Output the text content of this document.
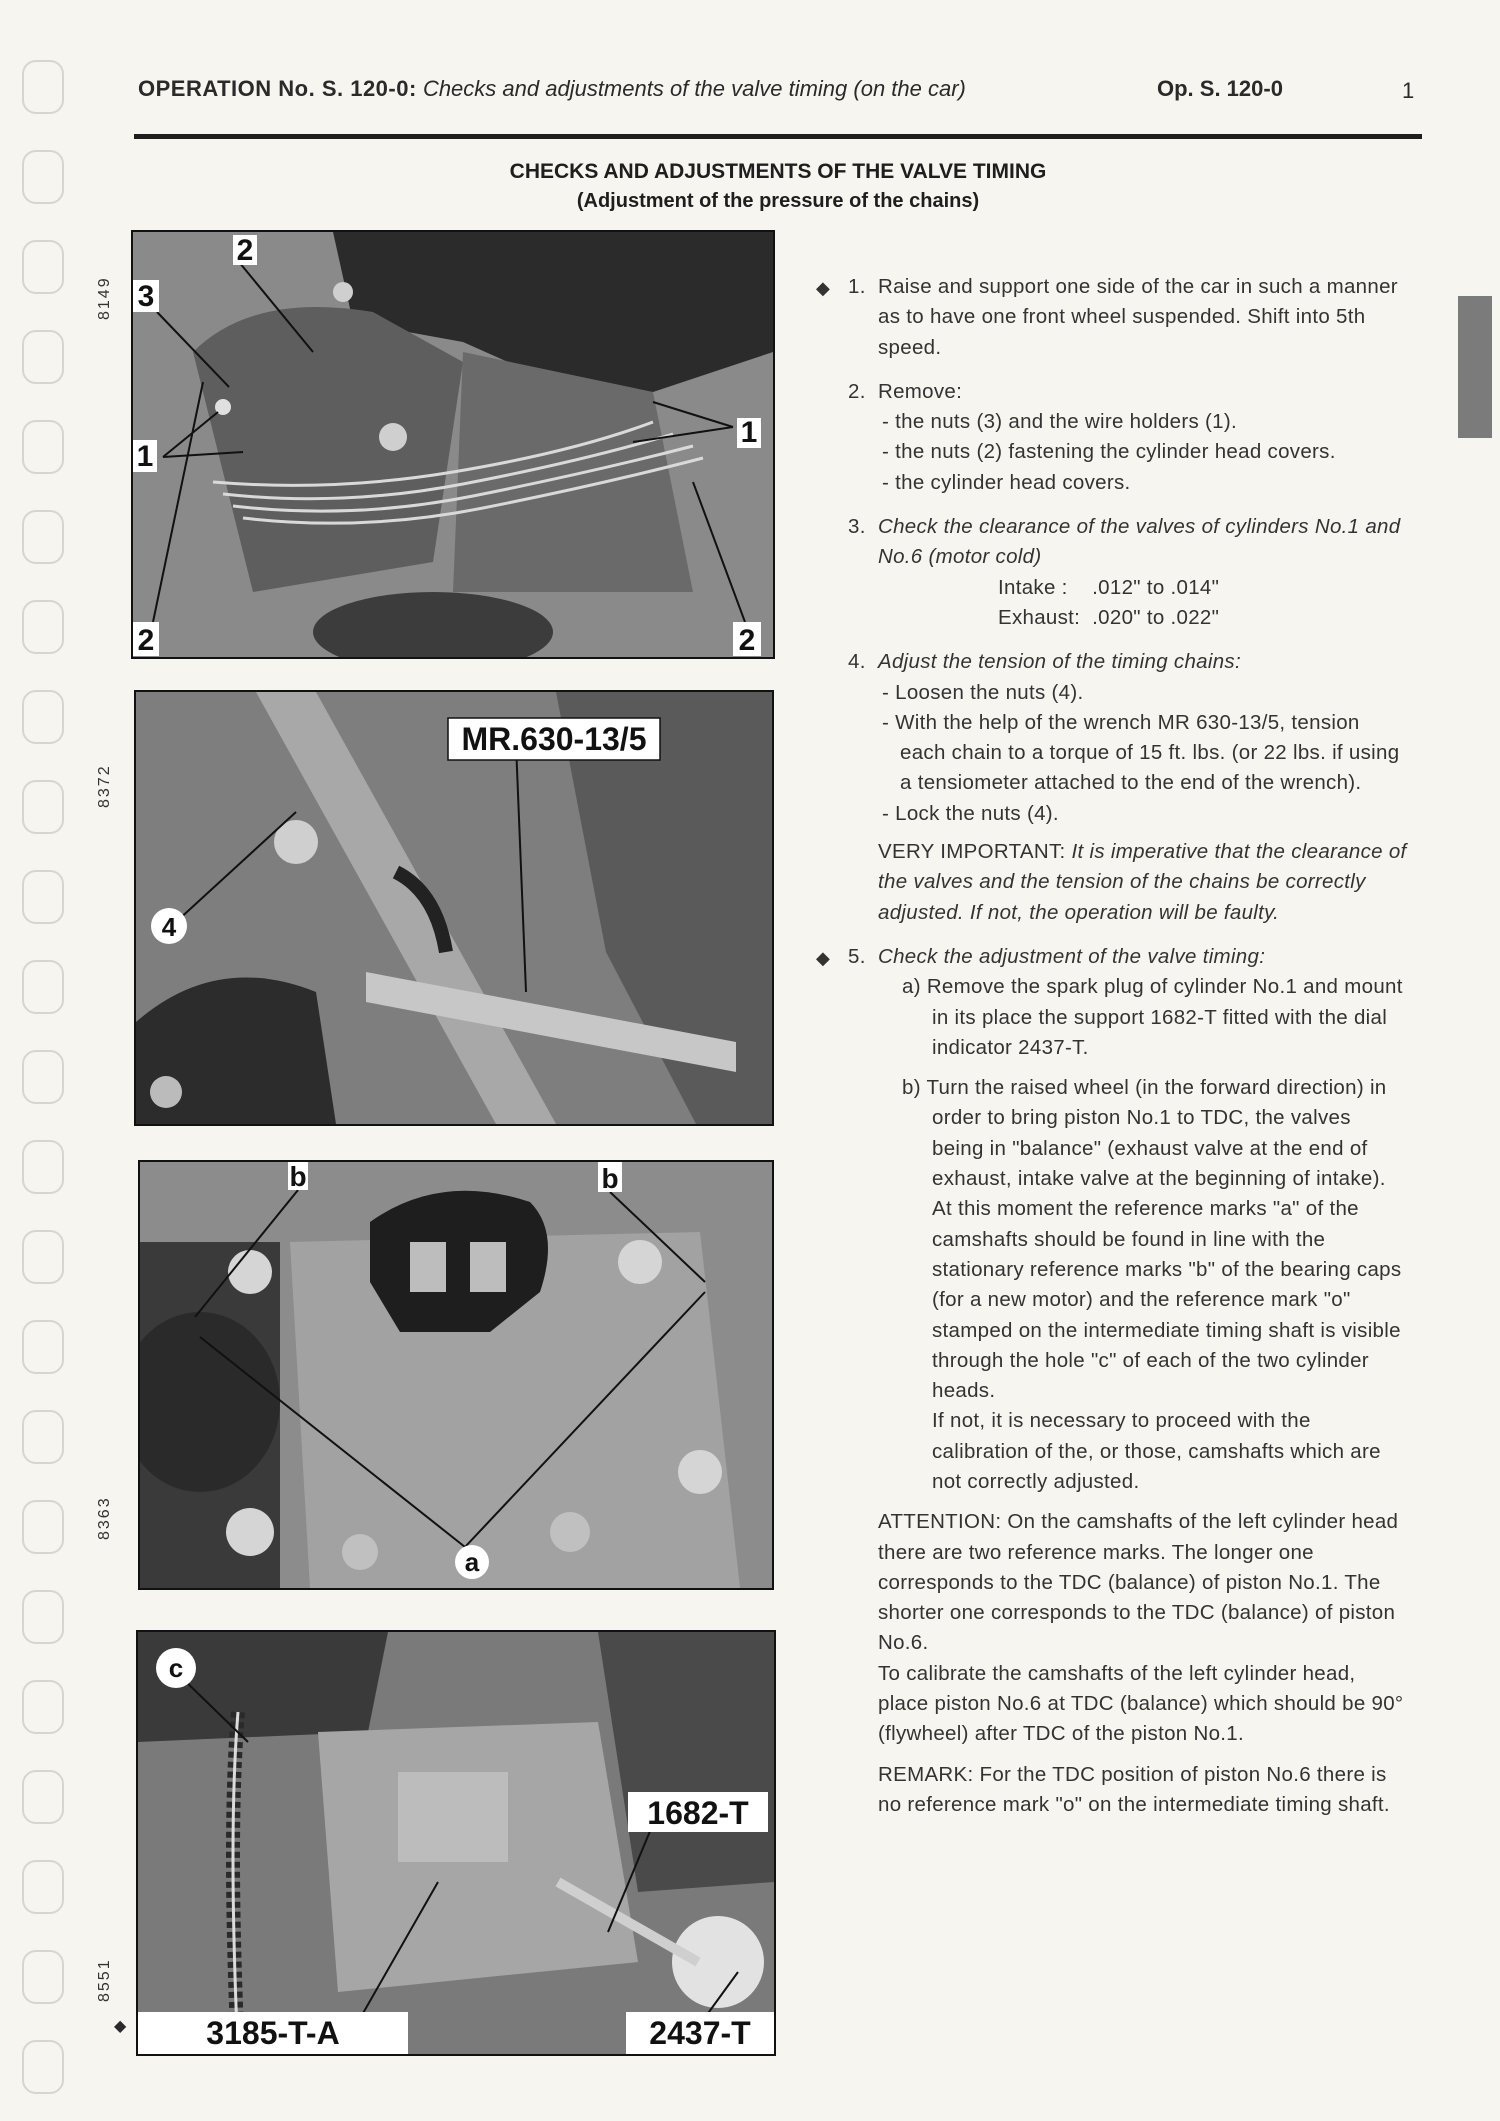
OPERATION No. S. 120-0: Checks and adjustments of the valve timing (on the car)	Op. S. 120-0	1
CHECKS AND ADJUSTMENTS OF THE VALVE TIMING
(Adjustment of the pressure of the chains)
8149
2
3
1
1
2	2
8372
MR.630-13/5
4
8363
b	b
a
8551
◆
c
1682-T
3185-T-A	2437-T
◆ 1. Raise and support one side of the car in such a manner as to have one front wheel suspended. Shift into 5th speed.
2. Remove:
- the nuts (3) and the wire holders (1).
- the nuts (2) fastening the cylinder head covers.
- the cylinder head covers.
3. Check the clearance of the valves of cylinders No.1 and No.6 (motor cold)
Intake :	.012" to .014"
Exhaust:	.020" to .022"
4. Adjust the tension of the timing chains:
- Loosen the nuts (4).
- With the help of the wrench MR 630-13/5, tension each chain to a torque of 15 ft. lbs. (or 22 lbs. if using a tensiometer attached to the end of the wrench).
- Lock the nuts (4).
VERY IMPORTANT: It is imperative that the clearance of the valves and the tension of the chains be correctly adjusted. If not, the operation will be faulty.
◆ 5. Check the adjustment of the valve timing:
a) Remove the spark plug of cylinder No.1 and mount in its place the support 1682-T fitted with the dial indicator 2437-T.
b) Turn the raised wheel (in the forward direction) in order to bring piston No.1 to TDC, the valves being in "balance" (exhaust valve at the end of exhaust, intake valve at the beginning of intake). At this moment the reference marks "a" of the camshafts should be found in line with the stationary reference marks "b" of the bearing caps (for a new motor) and the reference mark "o" stamped on the intermediate timing shaft is visible through the hole "c" of each of the two cylinder heads.
If not, it is necessary to proceed with the calibration of the, or those, camshafts which are not correctly adjusted.
ATTENTION: On the camshafts of the left cylinder head there are two reference marks. The longer one corresponds to the TDC (balance) of piston No.1. The shorter one corresponds to the TDC (balance) of piston No.6.
To calibrate the camshafts of the left cylinder head, place piston No.6 at TDC (balance) which should be 90° (flywheel) after TDC of the piston No.1.
REMARK: For the TDC position of piston No.6 there is no reference mark "o" on the intermediate timing shaft.
